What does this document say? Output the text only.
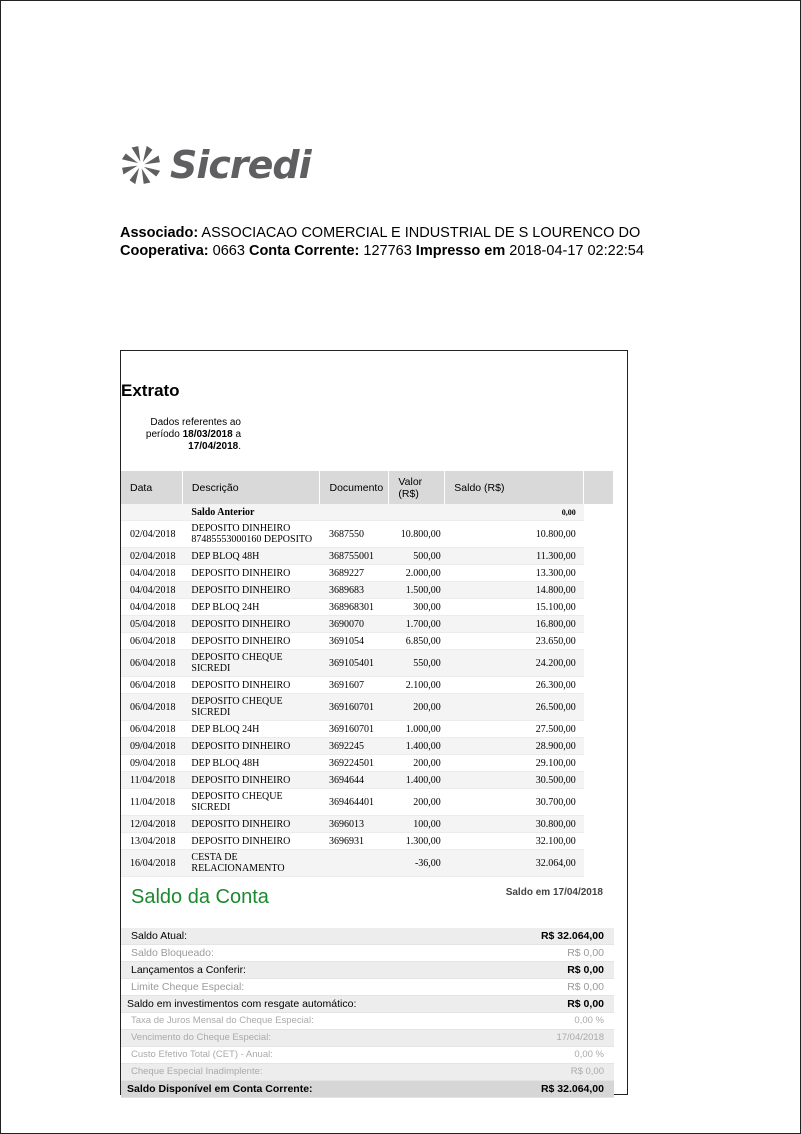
Sicredi
Associado: ASSOCIACAO COMERCIAL E INDUSTRIAL DE S LOURENCO DO
Cooperativa: 0663 Conta Corrente: 127763 Impresso em 2018-04-17 02:22:54
Extrato
Dados referentes ao período 18/03/2018 a 17/04/2018.
Data	Descrição	Documento	Valor (R$)	Saldo (R$)	
	Saldo Anterior			0,00	
02/04/2018	DEPOSITO DINHEIRO 87485553000160 DEPOSITO	3687550	10.800,00	10.800,00	
02/04/2018	DEP BLOQ 48H	368755001	500,00	11.300,00	
04/04/2018	DEPOSITO DINHEIRO	3689227	2.000,00	13.300,00	
04/04/2018	DEPOSITO DINHEIRO	3689683	1.500,00	14.800,00	
04/04/2018	DEP BLOQ 24H	368968301	300,00	15.100,00	
05/04/2018	DEPOSITO DINHEIRO	3690070	1.700,00	16.800,00	
06/04/2018	DEPOSITO DINHEIRO	3691054	6.850,00	23.650,00	
06/04/2018	DEPOSITO CHEQUE SICREDI	369105401	550,00	24.200,00	
06/04/2018	DEPOSITO DINHEIRO	3691607	2.100,00	26.300,00	
06/04/2018	DEPOSITO CHEQUE SICREDI	369160701	200,00	26.500,00	
06/04/2018	DEP BLOQ 24H	369160701	1.000,00	27.500,00	
09/04/2018	DEPOSITO DINHEIRO	3692245	1.400,00	28.900,00	
09/04/2018	DEP BLOQ 48H	369224501	200,00	29.100,00	
11/04/2018	DEPOSITO DINHEIRO	3694644	1.400,00	30.500,00	
11/04/2018	DEPOSITO CHEQUE SICREDI	369464401	200,00	30.700,00	
12/04/2018	DEPOSITO DINHEIRO	3696013	100,00	30.800,00	
13/04/2018	DEPOSITO DINHEIRO	3696931	1.300,00	32.100,00	
16/04/2018	CESTA DE RELACIONAMENTO		-36,00	32.064,00	
Saldo da Conta	Saldo em 17/04/2018
Saldo Atual:	R$ 32.064,00
Saldo Bloqueado:	R$ 0,00
Lançamentos a Conferir:	R$ 0,00
Limite Cheque Especial:	R$ 0,00
Saldo em investimentos com resgate automático:	R$ 0,00
Taxa de Juros Mensal do Cheque Especial:	0,00 %
Vencimento do Cheque Especial:	17/04/2018
Custo Efetivo Total (CET) - Anual:	0,00 %
Cheque Especial Inadimplente:	R$ 0,00
Saldo Disponível em Conta Corrente:	R$ 32.064,00
